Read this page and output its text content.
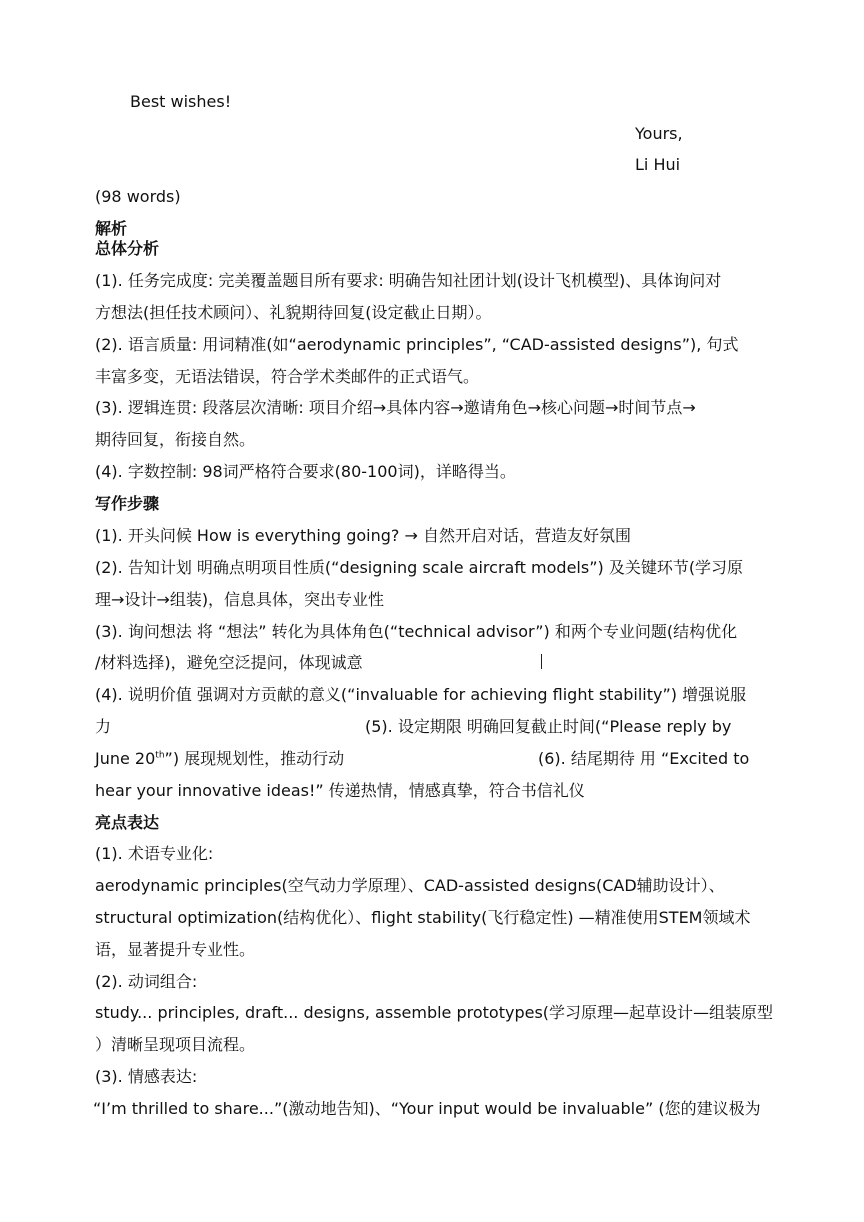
Best wishes!
Yours,
Li Hui
(98 words)
解析
总体分析
(1). 任务完成度: 完美覆盖题目所有要求: 明确告知社团计划(设计飞机模型)、具体询问对
方想法(担任技术顾问）、礼貌期待回复(设定截止日期）。
(2). 语言质量: 用词精准(如“aerodynamic principles”, “CAD-assisted designs”), 句式
丰富多变，无语法错误，符合学术类邮件的正式语气。
(3). 逻辑连贯: 段落层次清晰: 项目介绍→具体内容→邀请角色→核心问题→时间节点→
期待回复，衔接自然。
(4). 字数控制: 98词严格符合要求(80-100词)，详略得当。
写作步骤
(1). 开头问候 How is everything going? → 自然开启对话，营造友好氛围
(2). 告知计划 明确点明项目性质(“designing scale aircraft models”) 及关键环节(学习原
理→设计→组装)，信息具体，突出专业性
(3). 询问想法 将 “想法” 转化为具体角色(“technical advisor”) 和两个专业问题(结构优化
/材料选择)，避免空泛提问，体现诚意
(4). 说明价值 强调对方贡献的意义(“invaluable for achieving flight stability”) 增强说服
力	(5). 设定期限 明确回复截止时间(“Please reply by
June 20th”) 展现规划性，推动行动	(6). 结尾期待 用 “Excited to
hear your innovative ideas!” 传递热情，情感真挚，符合书信礼仪
亮点表达
(1). 术语专业化:
aerodynamic principles(空气动力学原理）、CAD-assisted designs(CAD辅助设计）、
structural optimization(结构优化）、flight stability(飞行稳定性) —精准使用STEM领域术
语，显著提升专业性。
(2). 动词组合:
study... principles, draft... designs, assemble prototypes(学习原理—起草设计—组装原型
）清晰呈现项目流程。
(3). 情感表达:
“I’m thrilled to share...”(激动地告知)、“Your input would be invaluable” (您的建议极为
